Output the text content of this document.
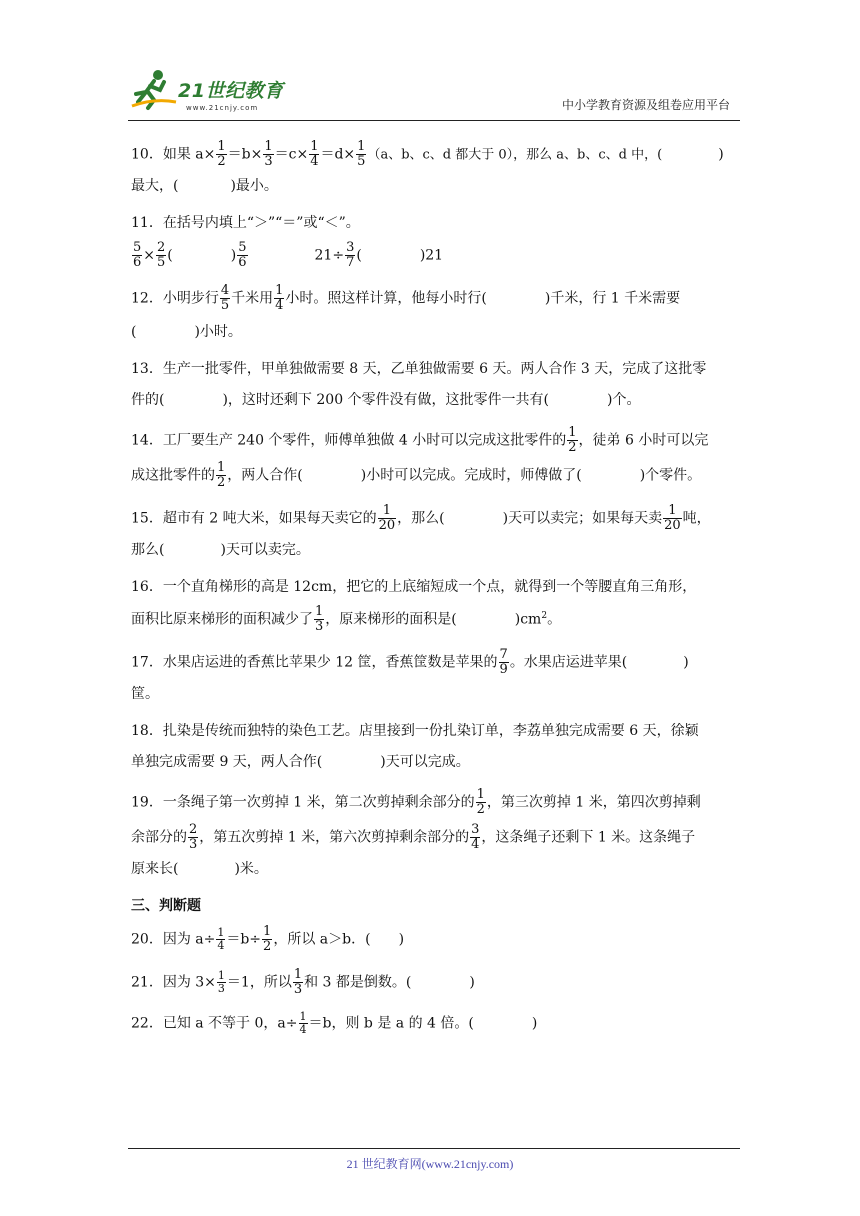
21世纪教育
www.21cnjy.com	中小学教育资源及组卷应用平台

10．如果 $a\times \frac{1}{2} =b\times \frac{1}{3} =c\times \frac{1}{4} =d\times \frac{1}{5} (a$、b、c、d 都大于 0），那么 a、b、c、d 中，(	)

最大，(	)最小。

11．在括号内填上“＞”“＝”或“＜”。

$\frac{5}{6} \times \frac{2}{5}$ (	) $\frac{5}{6}$	$21\div \frac{3}{7}$ (	)21

12．小明步行 $\frac{4}{5}$ 千米用 $\frac{1}{4}$ 小时。照这样计算，他每小时行(	)千米，行 1 千米需要

(	)小时。

13．生产一批零件，甲单独做需要 8 天，乙单独做需要 6 天。两人合作 3 天，完成了这批零

件的(	)，这时还剩下 200 个零件没有做，这批零件一共有(	)个。

14．工厂要生产 240 个零件，师傅单独做 4 小时可以完成这批零件的 $\frac{1}{2}$ ，徒弟 6 小时可以完

成这批零件的 $\frac{1}{2}$ ，两人合作(	)小时可以完成。完成时，师傅做了(	)个零件。

15．超市有 2 吨大米，如果每天卖它的 $\frac{1}{20}$ ，那么(	)天可以卖完；如果每天卖 $\frac{1}{20}$ 吨，

那么(	)天可以卖完。

16．一个直角梯形的高是 12cm，把它的上底缩短成一个点，就得到一个等腰直角三角形，

面积比原来梯形的面积减少了 $\frac{1}{3}$ ，原来梯形的面积是(	)$cm^2$。

17．水果店运进的香蕉比苹果少 12 筐，香蕉筐数是苹果的 $\frac{7}{9}$ 。水果店运进苹果(	)

筐。

18．扎染是传统而独特的染色工艺。店里接到一份扎染订单，李荔单独完成需要 6 天，徐颖

单独完成需要 9 天，两人合作(	)天可以完成。

19．一条绳子第一次剪掉 1 米，第二次剪掉剩余部分的 $\frac{1}{2}$ ，第三次剪掉 1 米，第四次剪掉剩

余部分的 $\frac{2}{3}$ ，第五次剪掉 1 米，第六次剪掉剩余部分的 $\frac{3}{4}$ ，这条绳子还剩下 1 米。这条绳子

原来长(	)米。

三、判断题

20．因为 $a\div \frac{1}{4} =b\div \frac{1}{2}$ ，所以 a＞b．( )

21．因为 $3\times \frac{1}{3} =1$，所以 $\frac{1}{3}$ 和 3 都是倒数。(	)

22．已知 a 不等于 0，$a\div \frac{1}{4} =b$，则 b 是 a 的 4 倍。(	)

21 世纪教育网(www.21cnjy.com)
